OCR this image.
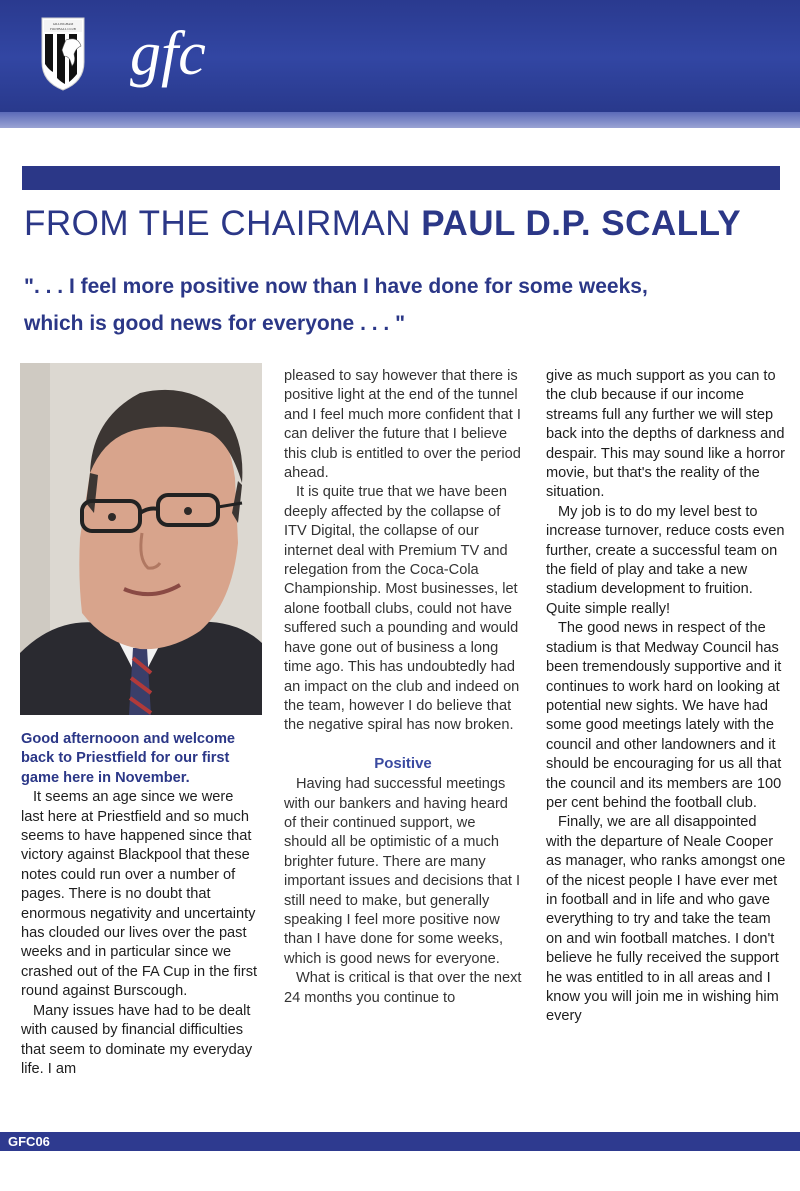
GILLINGHAM
FOOTBALL CLUB gfc
FROM THE CHAIRMAN PAUL D.P. SCALLY
". . . I feel more positive now than I have done for some weeks,
which is good news for everyone . . . "

Good afternooon and welcome back to Priestfield for our first game here in November.

It seems an age since we were last here at Priestfield and so much seems to have happened since that victory against Blackpool that these notes could run over a number of pages. There is no doubt that enormous negativity and uncertainty has clouded our lives over the past weeks and in particular since we crashed out of the FA Cup in the first round against Burscough.

Many issues have had to be dealt with caused by financial difficulties that seem to dominate my everyday life. I am

pleased to say however that there is positive light at the end of the tunnel and I feel much more confident that I can deliver the future that I believe this club is entitled to over the period ahead.

It is quite true that we have been deeply affected by the collapse of ITV Digital, the collapse of our internet deal with Premium TV and relegation from the Coca-Cola Championship. Most businesses, let alone football clubs, could not have suffered such a pounding and would have gone out of business a long time ago. This has undoubtedly had an impact on the club and indeed on the team, however I do believe that the negative spiral has now broken.

Positive

Having had successful meetings with our bankers and having heard of their continued support, we should all be optimistic of a much brighter future. There are many important issues and decisions that I still need to make, but generally speaking I feel more positive now than I have done for some weeks, which is good news for everyone.

What is critical is that over the next 24 months you continue to

give as much support as you can to the club because if our income streams full any further we will step back into the depths of darkness and despair. This may sound like a horror movie, but that's the reality of the situation.

My job is to do my level best to increase turnover, reduce costs even further, create a successful team on the field of play and take a new stadium development to fruition. Quite simple really!

The good news in respect of the stadium is that Medway Council has been tremendously supportive and it continues to work hard on looking at potential new sights. We have had some good meetings lately with the council and other landowners and it should be encouraging for us all that the council and its members are 100 per cent behind the football club.

Finally, we are all disappointed with the departure of Neale Cooper as manager, who ranks amongst one of the nicest people I have ever met in football and in life and who gave everything to try and take the team on and win football matches. I don't believe he fully received the support he was entitled to in all areas and I know you will join me in wishing him every

GFC06
